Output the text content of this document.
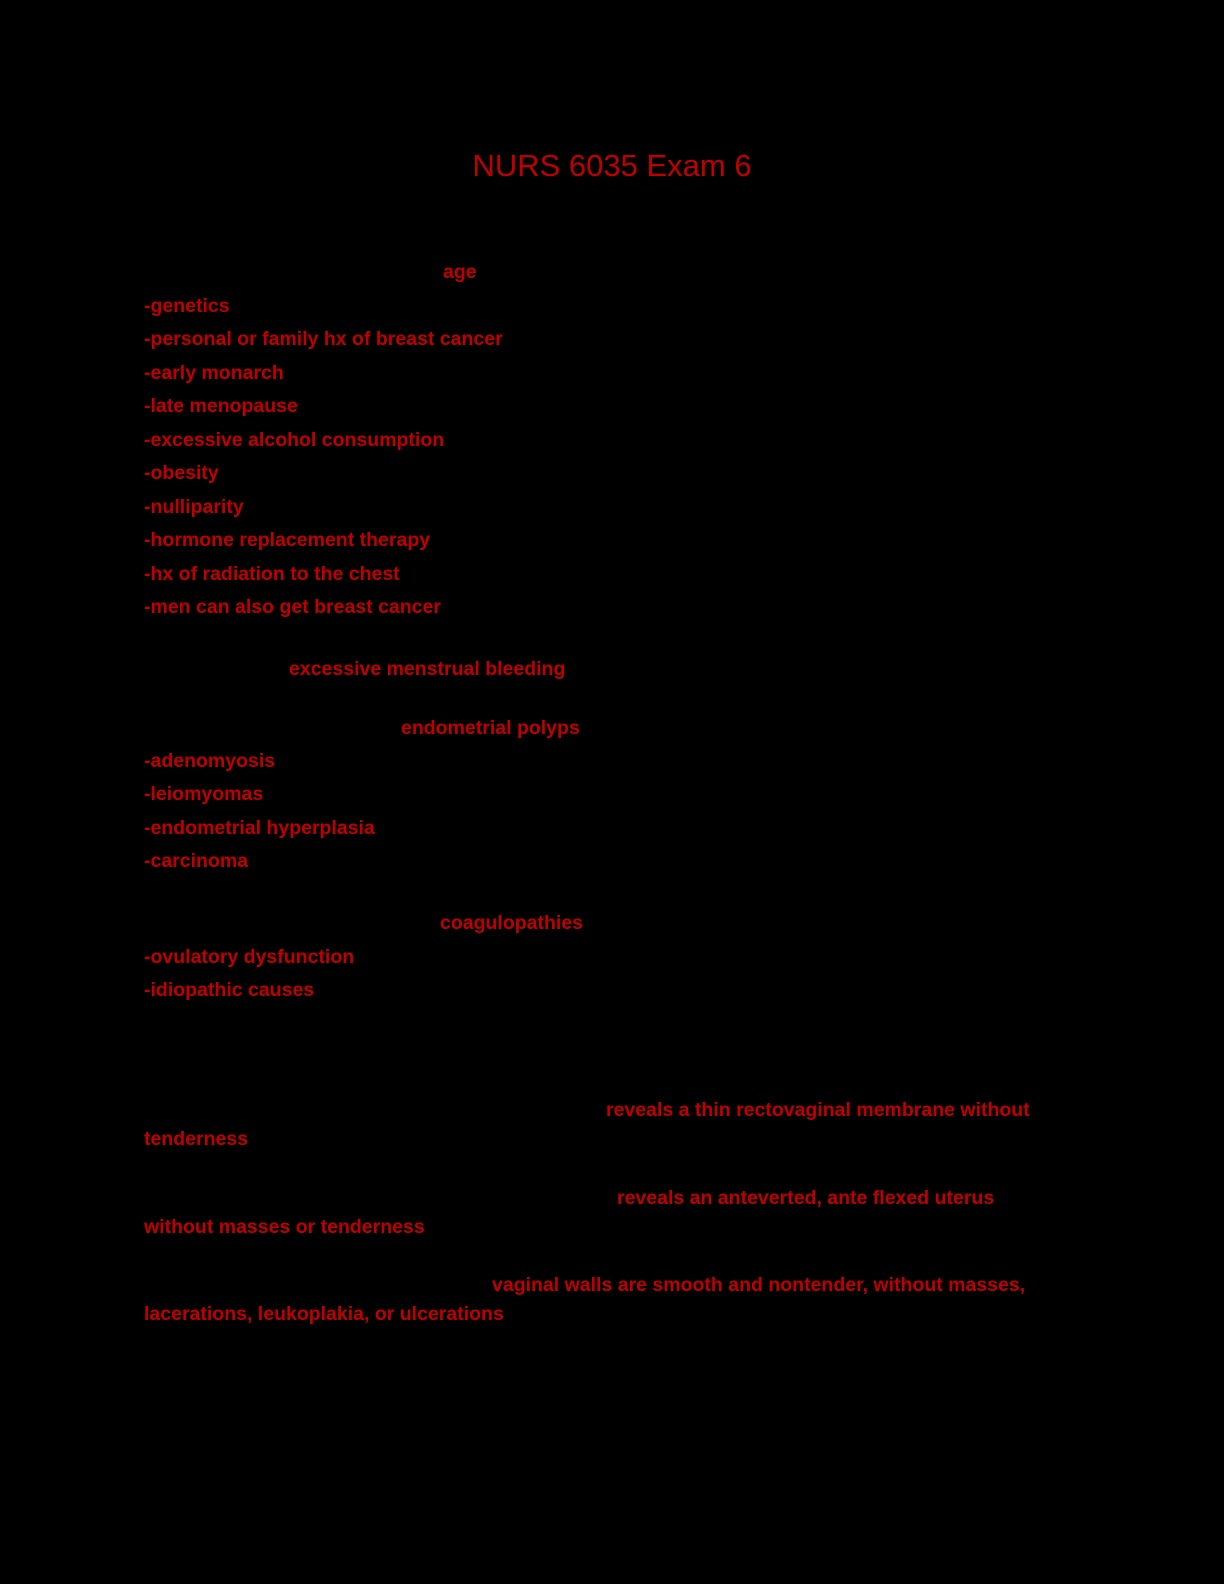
NURS 6035 Exam 6
age
-genetics
-personal or family hx of breast cancer
-early monarch
-late menopause
-excessive alcohol consumption
-obesity
-nulliparity
-hormone replacement therapy
-hx of radiation to the chest
-men can also get breast cancer
excessive menstrual bleeding
endometrial polyps
-adenomyosis
-leiomyomas
-endometrial hyperplasia
-carcinoma
coagulopathies
-ovulatory dysfunction
-idiopathic causes
reveals a thin rectovaginal membrane without
tenderness
reveals an anteverted, ante flexed uterus
without masses or tenderness
vaginal walls are smooth and nontender, without masses,
lacerations, leukoplakia, or ulcerations
